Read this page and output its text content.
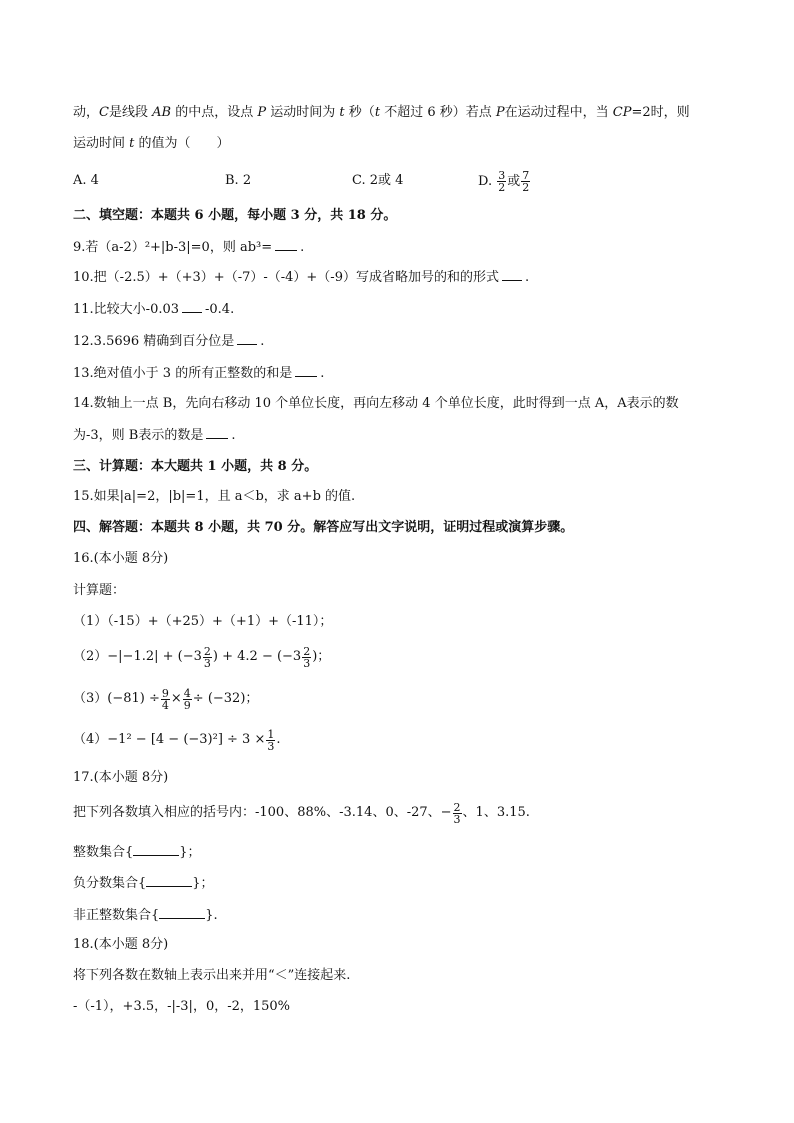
动，C是线段 AB 的中点，设点 P 运动时间为 t 秒（t 不超过 6 秒）若点 P在运动过程中，当 CP=2时，则
运动时间 t 的值为（　　）
A. 4	B. 2	C. 2或 4	D. $\frac{3}{2}$ 或 $\frac{7}{2}$
二、填空题：本题共 6 小题，每小题 3 分，共 18 分。
9.若（a-2）²+|b-3|=0，则 ab³= .
10.把（-2.5）+（+3）+（-7）-（-4）+（-9）写成省略加号的和的形式 .
11.比较大小-0.03 -0.4.
12.3.5696 精确到百分位是 .
13.绝对值小于 3 的所有正整数的和是 .
14.数轴上一点 B，先向右移动 10 个单位长度，再向左移动 4 个单位长度，此时得到一点 A，A表示的数
为-3，则 B表示的数是 .
三、计算题：本大题共 1 小题，共 8 分。
15.如果|a|=2，|b|=1，且 a＜b，求 a+b 的值.
四、解答题：本题共 8 小题，共 70 分。解答应写出文字说明，证明过程或演算步骤。
16.(本小题 8分)
计算题：
（1）（-15）+（+25）+（+1）+（-11）；
$(2) -|-1.2| + (-3 \frac{2}{3}$ ) + $4.2 - (-3 \frac{2}{3}$ )；
（3） $(-81) \div \frac{9}{4} \times \frac{4}{9} \div (-32)$；
$(4) -1^2 - [4 - (-3)^2] \div 3 \times \frac{1}{3}$ .
17.(本小题 8分)
把下列各数填入相应的括号内：-100、88%、-3.14、0、-27、− $\frac{2}{3}$ 、1、3.15.
整数集合{	}；
负分数集合{	}；
非正整数集合{	}.
18.(本小题 8分)
将下列各数在数轴上表示出来并用“＜”连接起来.
-（-1），+3.5，-|-3|，0，-2，150%
